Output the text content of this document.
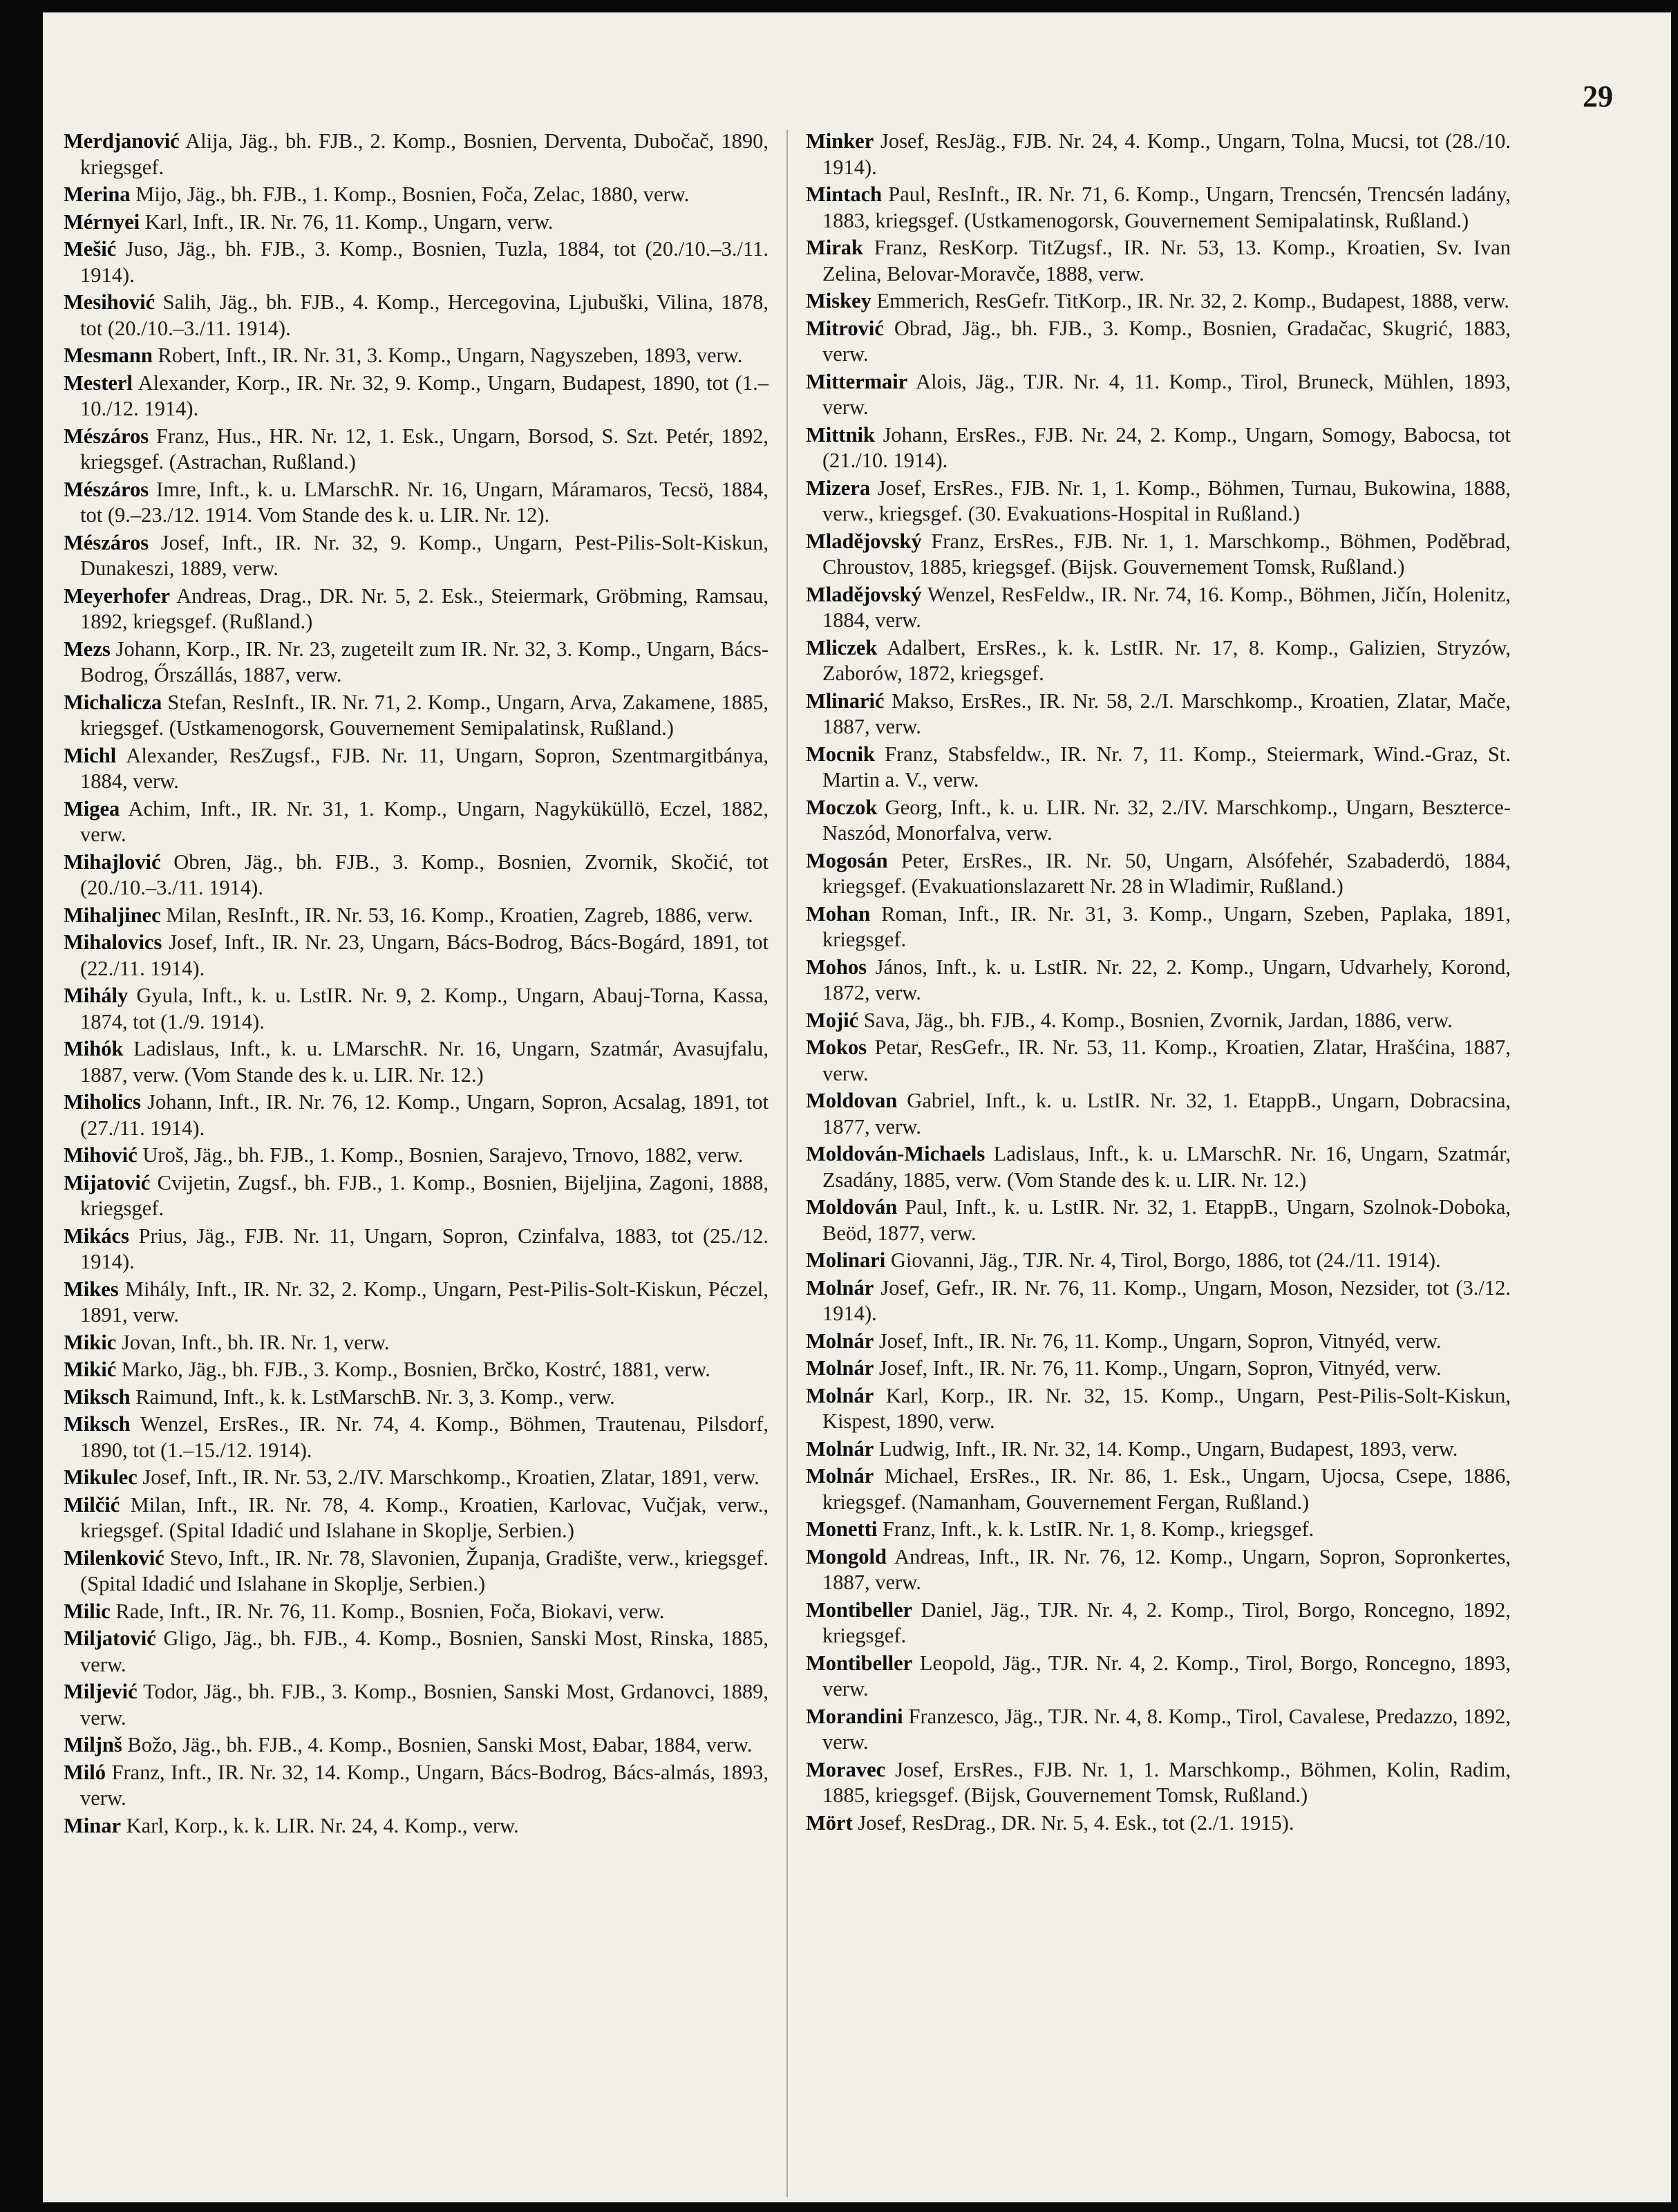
29

Merdjanović Alija, Jäg., bh. FJB., 2. Komp., Bosnien, Derventa, Dubočač, 1890, kriegsgef.

Merina Mijo, Jäg., bh. FJB., 1. Komp., Bosnien, Foča, Zelac, 1880, verw.

Mérnyei Karl, Inft., IR. Nr. 76, 11. Komp., Ungarn, verw.

Mešić Juso, Jäg., bh. FJB., 3. Komp., Bosnien, Tuzla, 1884, tot (20./10.–3./11. 1914).

Mesihović Salih, Jäg., bh. FJB., 4. Komp., Hercegovina, Ljubuški, Vilina, 1878, tot (20./10.–3./11. 1914).

Mesmann Robert, Inft., IR. Nr. 31, 3. Komp., Ungarn, Nagyszeben, 1893, verw.

Mesterl Alexander, Korp., IR. Nr. 32, 9. Komp., Ungarn, Budapest, 1890, tot (1.–10./12. 1914).

Mészáros Franz, Hus., HR. Nr. 12, 1. Esk., Ungarn, Borsod, S. Szt. Petér, 1892, kriegsgef. (Astrachan, Rußland.)

Mészáros Imre, Inft., k. u. LMarschR. Nr. 16, Ungarn, Máramaros, Tecsö, 1884, tot (9.–23./12. 1914. Vom Stande des k. u. LIR. Nr. 12).

Mészáros Josef, Inft., IR. Nr. 32, 9. Komp., Ungarn, Pest-Pilis-Solt-Kiskun, Dunakeszi, 1889, verw.

Meyerhofer Andreas, Drag., DR. Nr. 5, 2. Esk., Steiermark, Gröbming, Ramsau, 1892, kriegsgef. (Rußland.)

Mezs Johann, Korp., IR. Nr. 23, zugeteilt zum IR. Nr. 32, 3. Komp., Ungarn, Bács-Bodrog, Őrszállás, 1887, verw.

Michalicza Stefan, ResInft., IR. Nr. 71, 2. Komp., Ungarn, Arva, Zakamene, 1885, kriegsgef. (Ustkamenogorsk, Gouvernement Semipalatinsk, Rußland.)

Michl Alexander, ResZugsf., FJB. Nr. 11, Ungarn, Sopron, Szentmargitbánya, 1884, verw.

Migea Achim, Inft., IR. Nr. 31, 1. Komp., Ungarn, Nagyküküllö, Eczel, 1882, verw.

Mihajlović Obren, Jäg., bh. FJB., 3. Komp., Bosnien, Zvornik, Skočić, tot (20./10.–3./11. 1914).

Mihaljinec Milan, ResInft., IR. Nr. 53, 16. Komp., Kroatien, Zagreb, 1886, verw.

Mihalovics Josef, Inft., IR. Nr. 23, Ungarn, Bács-Bodrog, Bács-Bogárd, 1891, tot (22./11. 1914).

Mihály Gyula, Inft., k. u. LstIR. Nr. 9, 2. Komp., Ungarn, Abauj-Torna, Kassa, 1874, tot (1./9. 1914).

Mihók Ladislaus, Inft., k. u. LMarschR. Nr. 16, Ungarn, Szatmár, Avasujfalu, 1887, verw. (Vom Stande des k. u. LIR. Nr. 12.)

Miholics Johann, Inft., IR. Nr. 76, 12. Komp., Ungarn, Sopron, Acsalag, 1891, tot (27./11. 1914).

Mihović Uroš, Jäg., bh. FJB., 1. Komp., Bosnien, Sarajevo, Trnovo, 1882, verw.

Mijatović Cvijetin, Zugsf., bh. FJB., 1. Komp., Bosnien, Bijeljina, Zagoni, 1888, kriegsgef.

Mikács Prius, Jäg., FJB. Nr. 11, Ungarn, Sopron, Czinfalva, 1883, tot (25./12. 1914).

Mikes Mihály, Inft., IR. Nr. 32, 2. Komp., Ungarn, Pest-Pilis-Solt-Kiskun, Péczel, 1891, verw.

Mikic Jovan, Inft., bh. IR. Nr. 1, verw.

Mikić Marko, Jäg., bh. FJB., 3. Komp., Bosnien, Brčko, Kostrć, 1881, verw.

Miksch Raimund, Inft., k. k. LstMarschB. Nr. 3, 3. Komp., verw.

Miksch Wenzel, ErsRes., IR. Nr. 74, 4. Komp., Böhmen, Trautenau, Pilsdorf, 1890, tot (1.–15./12. 1914).

Mikulec Josef, Inft., IR. Nr. 53, 2./IV. Marschkomp., Kroatien, Zlatar, 1891, verw.

Milčić Milan, Inft., IR. Nr. 78, 4. Komp., Kroatien, Karlovac, Vučjak, verw., kriegsgef. (Spital Idadić und Islahane in Skoplje, Serbien.)

Milenković Stevo, Inft., IR. Nr. 78, Slavonien, Županja, Gradište, verw., kriegsgef. (Spital Idadić und Islahane in Skoplje, Serbien.)

Milic Rade, Inft., IR. Nr. 76, 11. Komp., Bosnien, Foča, Biokavi, verw.

Miljatović Gligo, Jäg., bh. FJB., 4. Komp., Bosnien, Sanski Most, Rinska, 1885, verw.

Miljević Todor, Jäg., bh. FJB., 3. Komp., Bosnien, Sanski Most, Grdanovci, 1889, verw.

Miljnš Božo, Jäg., bh. FJB., 4. Komp., Bosnien, Sanski Most, Đabar, 1884, verw.

Miló Franz, Inft., IR. Nr. 32, 14. Komp., Ungarn, Bács-Bodrog, Bács-almás, 1893, verw.

Minar Karl, Korp., k. k. LIR. Nr. 24, 4. Komp., verw.

Minker Josef, ResJäg., FJB. Nr. 24, 4. Komp., Ungarn, Tolna, Mucsi, tot (28./10. 1914).

Mintach Paul, ResInft., IR. Nr. 71, 6. Komp., Ungarn, Trencsén, Trencsén ladány, 1883, kriegsgef. (Ustkamenogorsk, Gouvernement Semipalatinsk, Rußland.)

Mirak Franz, ResKorp. TitZugsf., IR. Nr. 53, 13. Komp., Kroatien, Sv. Ivan Zelina, Belovar-Moravče, 1888, verw.

Miskey Emmerich, ResGefr. TitKorp., IR. Nr. 32, 2. Komp., Budapest, 1888, verw.

Mitrović Obrad, Jäg., bh. FJB., 3. Komp., Bosnien, Gradačac, Skugrić, 1883, verw.

Mittermair Alois, Jäg., TJR. Nr. 4, 11. Komp., Tirol, Bruneck, Mühlen, 1893, verw.

Mittnik Johann, ErsRes., FJB. Nr. 24, 2. Komp., Ungarn, Somogy, Babocsa, tot (21./10. 1914).

Mizera Josef, ErsRes., FJB. Nr. 1, 1. Komp., Böhmen, Turnau, Bukowina, 1888, verw., kriegsgef. (30. Evakuations-Hospital in Rußland.)

Mladějovský Franz, ErsRes., FJB. Nr. 1, 1. Marschkomp., Böhmen, Poděbrad, Chroustov, 1885, kriegsgef. (Bijsk. Gouvernement Tomsk, Rußland.)

Mladějovský Wenzel, ResFeldw., IR. Nr. 74, 16. Komp., Böhmen, Jičín, Holenitz, 1884, verw.

Mliczek Adalbert, ErsRes., k. k. LstIR. Nr. 17, 8. Komp., Galizien, Stryzów, Zaborów, 1872, kriegsgef.

Mlinarić Makso, ErsRes., IR. Nr. 58, 2./I. Marschkomp., Kroatien, Zlatar, Mače, 1887, verw.

Mocnik Franz, Stabsfeldw., IR. Nr. 7, 11. Komp., Steiermark, Wind.-Graz, St. Martin a. V., verw.

Moczok Georg, Inft., k. u. LIR. Nr. 32, 2./IV. Marschkomp., Ungarn, Beszterce-Naszód, Monorfalva, verw.

Mogosán Peter, ErsRes., IR. Nr. 50, Ungarn, Alsófehér, Szabaderdö, 1884, kriegsgef. (Evakuationslazarett Nr. 28 in Wladimir, Rußland.)

Mohan Roman, Inft., IR. Nr. 31, 3. Komp., Ungarn, Szeben, Paplaka, 1891, kriegsgef.

Mohos János, Inft., k. u. LstIR. Nr. 22, 2. Komp., Ungarn, Udvarhely, Korond, 1872, verw.

Mojić Sava, Jäg., bh. FJB., 4. Komp., Bosnien, Zvornik, Jardan, 1886, verw.

Mokos Petar, ResGefr., IR. Nr. 53, 11. Komp., Kroatien, Zlatar, Hrašćina, 1887, verw.

Moldovan Gabriel, Inft., k. u. LstIR. Nr. 32, 1. EtappB., Ungarn, Dobracsina, 1877, verw.

Moldován-Michaels Ladislaus, Inft., k. u. LMarschR. Nr. 16, Ungarn, Szatmár, Zsadány, 1885, verw. (Vom Stande des k. u. LIR. Nr. 12.)

Moldován Paul, Inft., k. u. LstIR. Nr. 32, 1. EtappB., Ungarn, Szolnok-Doboka, Beöd, 1877, verw.

Molinari Giovanni, Jäg., TJR. Nr. 4, Tirol, Borgo, 1886, tot (24./11. 1914).

Molnár Josef, Gefr., IR. Nr. 76, 11. Komp., Ungarn, Moson, Nezsider, tot (3./12. 1914).

Molnár Josef, Inft., IR. Nr. 76, 11. Komp., Ungarn, Sopron, Vitnyéd, verw.

Molnár Josef, Inft., IR. Nr. 76, 11. Komp., Ungarn, Sopron, Vitnyéd, verw.

Molnár Karl, Korp., IR. Nr. 32, 15. Komp., Ungarn, Pest-Pilis-Solt-Kiskun, Kispest, 1890, verw.

Molnár Ludwig, Inft., IR. Nr. 32, 14. Komp., Ungarn, Budapest, 1893, verw.

Molnár Michael, ErsRes., IR. Nr. 86, 1. Esk., Ungarn, Ujocsa, Csepe, 1886, kriegsgef. (Namanham, Gouvernement Fergan, Rußland.)

Monetti Franz, Inft., k. k. LstIR. Nr. 1, 8. Komp., kriegsgef.

Mongold Andreas, Inft., IR. Nr. 76, 12. Komp., Ungarn, Sopron, Sopronkertes, 1887, verw.

Montibeller Daniel, Jäg., TJR. Nr. 4, 2. Komp., Tirol, Borgo, Roncegno, 1892, kriegsgef.

Montibeller Leopold, Jäg., TJR. Nr. 4, 2. Komp., Tirol, Borgo, Roncegno, 1893, verw.

Morandini Franzesco, Jäg., TJR. Nr. 4, 8. Komp., Tirol, Cavalese, Predazzo, 1892, verw.

Moravec Josef, ErsRes., FJB. Nr. 1, 1. Marschkomp., Böhmen, Kolin, Radim, 1885, kriegsgef. (Bijsk, Gouvernement Tomsk, Rußland.)

Mört Josef, ResDrag., DR. Nr. 5, 4. Esk., tot (2./1. 1915).
